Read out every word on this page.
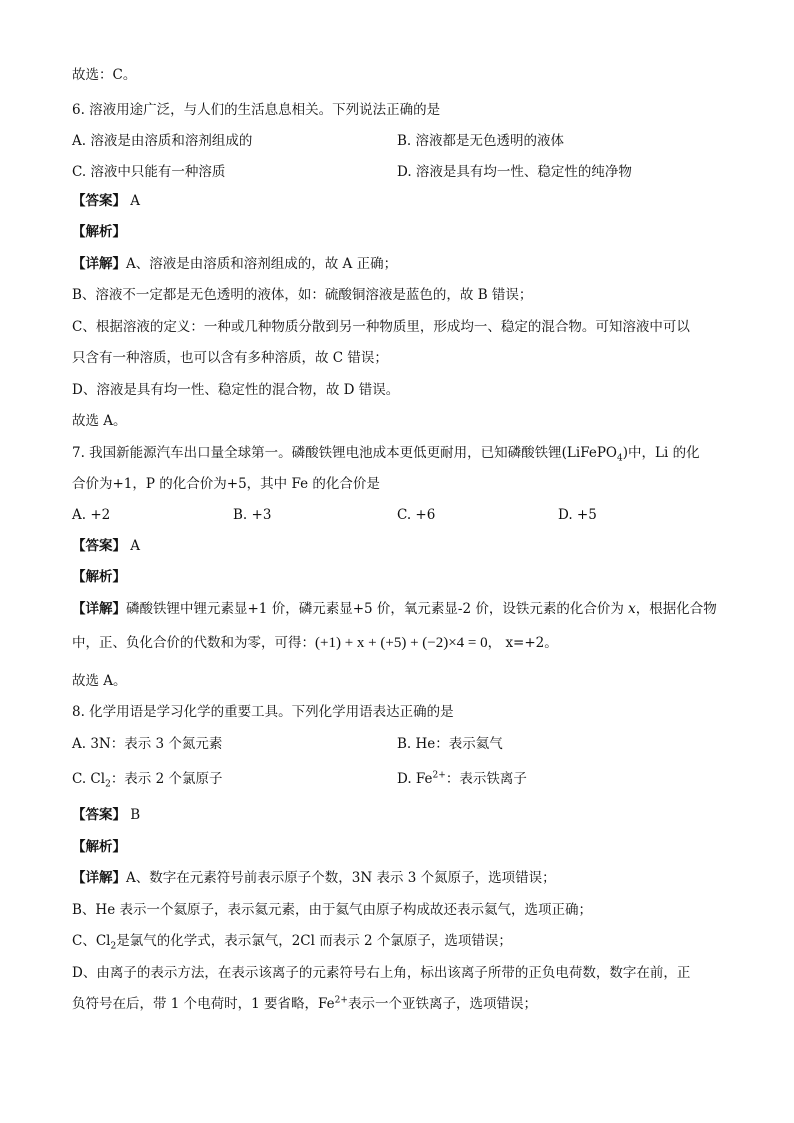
故选：C。
6. 溶液用途广泛，与人们的生活息息相关。下列说法正确的是
A. 溶液是由溶质和溶剂组成的	B. 溶液都是无色透明的液体
C. 溶液中只能有一种溶质	D. 溶液是具有均一性、稳定性的纯净物
【答案】 A
【解析】
【详解】A、溶液是由溶质和溶剂组成的，故 A 正确；
B、溶液不一定都是无色透明的液体，如：硫酸铜溶液是蓝色的，故 B 错误；
C、根据溶液的定义：一种或几种物质分散到另一种物质里，形成均一、稳定的混合物。可知溶液中可以
只含有一种溶质，也可以含有多种溶质，故 C 错误；
D、溶液是具有均一性、稳定性的混合物，故 D 错误。
故选 A。
7. 我国新能源汽车出口量全球第一。磷酸铁锂电池成本更低更耐用，已知磷酸铁锂(LiFePO$_4$)中，Li 的化
合价为+1，P 的化合价为+5，其中 Fe 的化合价是
A. +2	B. +3	C. +6	D. +5
【答案】 A
【解析】
【详解】磷酸铁锂中锂元素显+1 价，磷元素显+5 价，氧元素显-2 价，设铁元素的化合价为 x，根据化合物
中，正、负化合价的代数和为零，可得：(+1) + x + (+5) + (−2)×4 = 0， x=+2。
故选 A。
8. 化学用语是学习化学的重要工具。下列化学用语表达正确的是
A. 3N：表示 3 个氮元素	B. He：表示氦气
C. $Cl_2$：表示 2 个氯原子	D. $Fe^{2+}$：表示铁离子
【答案】 B
【解析】
【详解】A、数字在元素符号前表示原子个数，3N 表示 3 个氮原子，选项错误；
B、He 表示一个氦原子，表示氦元素，由于氦气由原子构成故还表示氦气，选项正确；
C、$Cl_2$是氯气的化学式，表示氯气，2Cl 而表示 2 个氯原子，选项错误；
D、由离子的表示方法，在表示该离子的元素符号右上角，标出该离子所带的正负电荷数，数字在前，正
负符号在后，带 1 个电荷时，1 要省略，$Fe^{2+}$表示一个亚铁离子，选项错误；
